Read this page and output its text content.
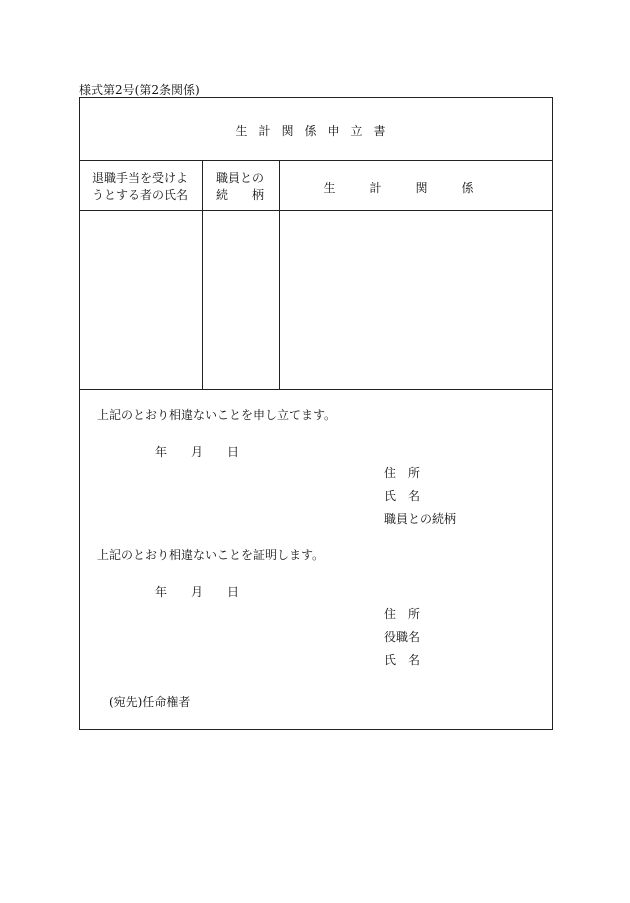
様式第2号(第2条関係)
生計関係申立書
退職手当を受けよ
うとする者の氏名
職員との
続　　柄	生計関係
上記のとおり相違ないことを申し立てます。
年 月 日
住　所
氏　名
職員との続柄
上記のとおり相違ないことを証明します。
年 月 日
住　所
役職名
氏　名
(宛先)任命権者
